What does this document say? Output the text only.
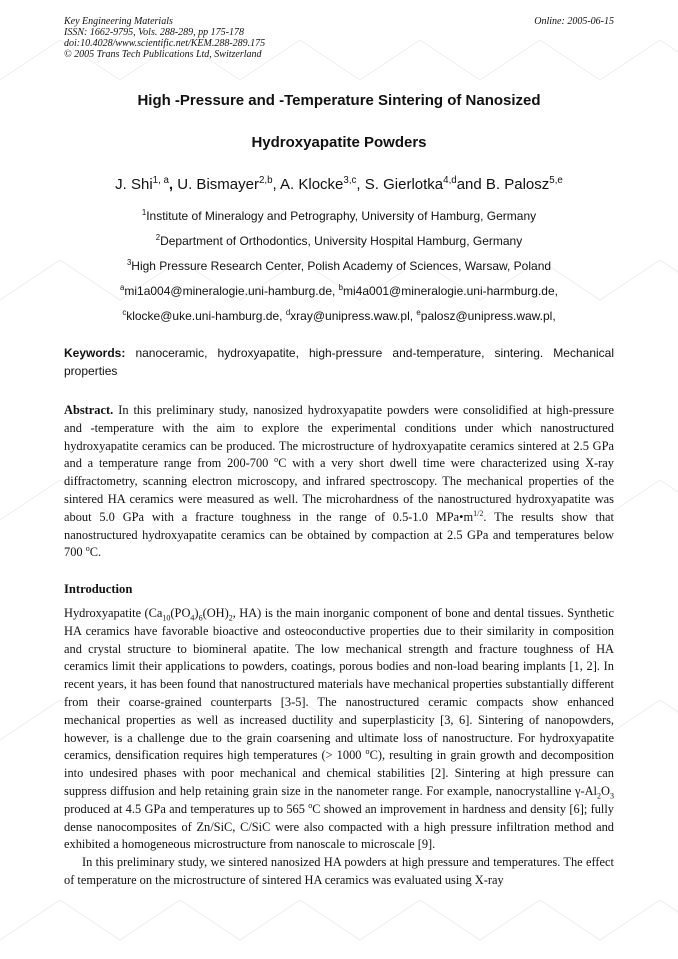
Key Engineering Materials
ISSN: 1662-9795, Vols. 288-289, pp 175-178
doi:10.4028/www.scientific.net/KEM.288-289.175
© 2005 Trans Tech Publications Ltd, Switzerland
Online: 2005-06-15
High -Pressure and -Temperature Sintering of Nanosized
Hydroxyapatite Powders
J. Shi$^{1, a}$, U. Bismayer$^{2,b}$, A. Klocke$^{3,c}$, S. Gierlotka$^{4,d}$and B. Palosz$^{5,e}$
$^1$Institute of Mineralogy and Petrography, University of Hamburg, Germany
$^2$Department of Orthodontics, University Hospital Hamburg, Germany
$^3$High Pressure Research Center, Polish Academy of Sciences, Warsaw, Poland
$^a$mi1a004@mineralogie.uni-hamburg.de, $^b$mi4a001@mineralogie.uni-harmburg.de,
$^c$klocke@uke.uni-hamburg.de, $^d$xray@unipress.waw.pl, $^e$palosz@unipress.waw.pl,
Keywords: nanoceramic, hydroxyapatite, high-pressure and-temperature, sintering. Mechanical properties
Abstract. In this preliminary study, nanosized hydroxyapatite powders were consolidified at high-pressure and -temperature with the aim to explore the experimental conditions under which nanostructured hydroxyapatite ceramics can be produced. The microstructure of hydroxyapatite ceramics sintered at 2.5 GPa and a temperature range from 200-700 $^o$C with a very short dwell time were characterized using X-ray diffractometry, scanning electron microscopy, and infrared spectroscopy. The mechanical properties of the sintered HA ceramics were measured as well. The microhardness of the nanostructured hydroxyapatite was about 5.0 GPa with a fracture toughness in the range of 0.5-1.0 $MPa•m^{1/2}$. The results show that nanostructured hydroxyapatite ceramics can be obtained by compaction at 2.5 GPa and temperatures below 700 $^o$C.
Introduction
Hydroxyapatite ($Ca_{10}(PO_4)_6(OH)_2$, HA) is the main inorganic component of bone and dental tissues. Synthetic HA ceramics have favorable bioactive and osteoconductive properties due to their similarity in composition and crystal structure to biomineral apatite. The low mechanical strength and fracture toughness of HA ceramics limit their applications to powders, coatings, porous bodies and non-load bearing implants [1, 2]. In recent years, it has been found that nanostructured materials have mechanical properties substantially different from their coarse-grained counterparts [3-5]. The nanostructured ceramic compacts show enhanced mechanical properties as well as increased ductility and superplasticity [3, 6]. Sintering of nanopowders, however, is a challenge due to the grain coarsening and ultimate loss of nanostructure. For hydroxyapatite ceramics, densification requires high temperatures (> 1000 $^o$C), resulting in grain growth and decomposition into undesired phases with poor mechanical and chemical stabilities [2]. Sintering at high pressure can suppress diffusion and help retaining grain size in the nanometer range. For example, nanocrystalline $\gamma-Al_2O_3$ produced at 4.5 GPa and temperatures up to 565 $^o$C showed an improvement in hardness and density [6]; fully dense nanocomposites of Zn/SiC, C/SiC were also compacted with a high pressure infiltration method and exhibited a homogeneous microstructure from nanoscale to microscale [9].
In this preliminary study, we sintered nanosized HA powders at high pressure and temperatures. The effect of temperature on the microstructure of sintered HA ceramics was evaluated using X-ray
